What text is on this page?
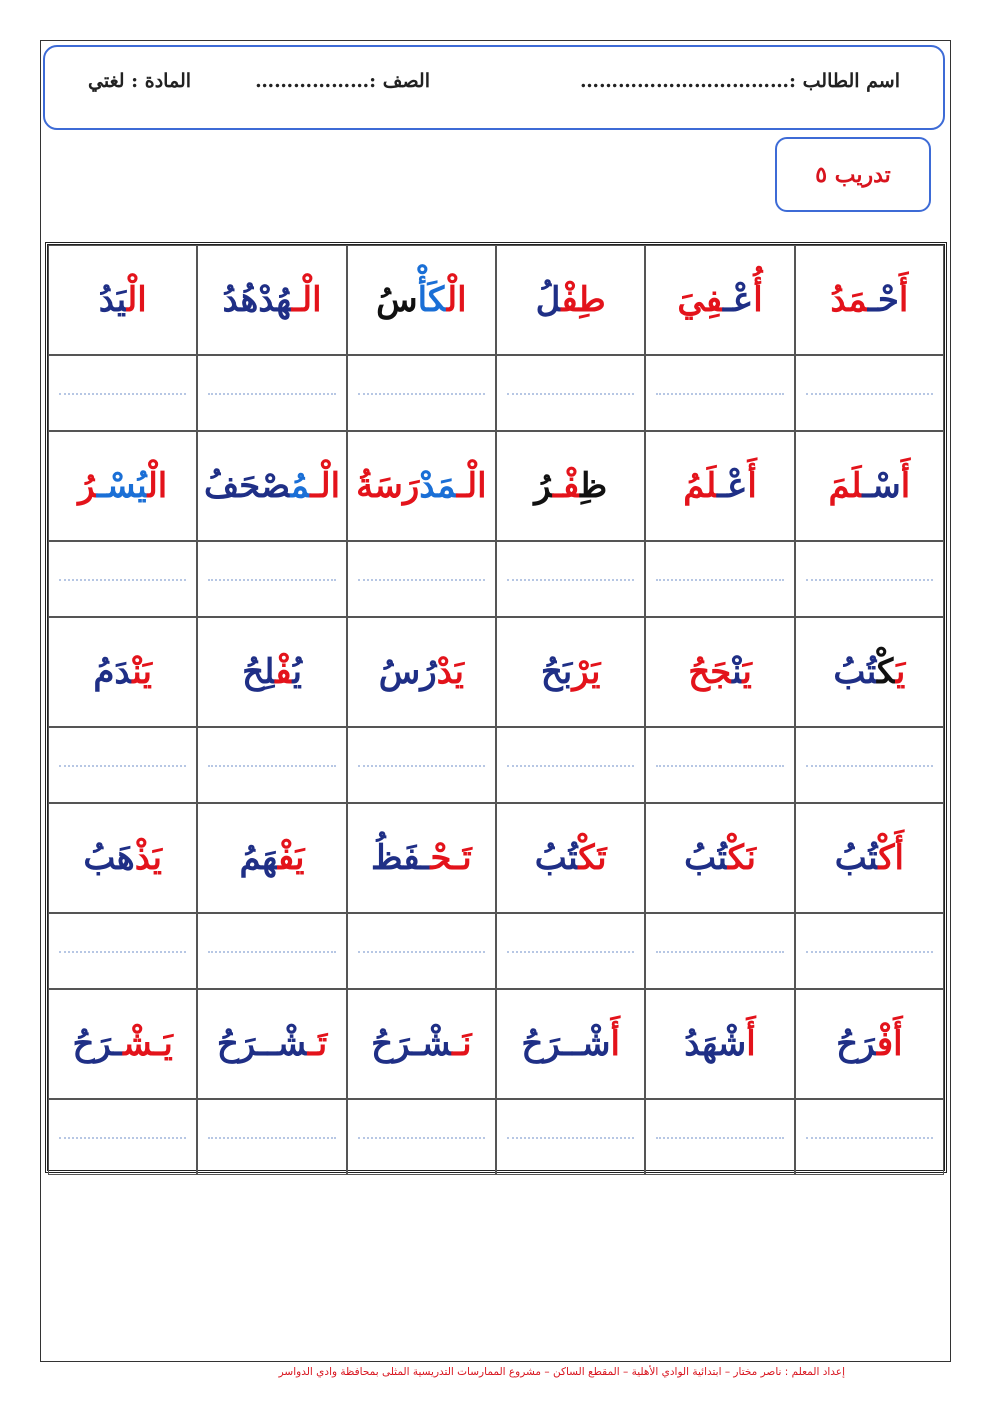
اسم الطالب :……………………………
الصف :………………
المادة : لغتي
تدريب ٥
أَحْـمَدُ
أُعْـفِيَ
طِفْلُ
الْكَأْسُ
الْـهُدْهُدُ
الْيَدُ
أَسْـلَمَ
أَعْـلَمُ
ظِفْـرُ
الْـمَدْرَسَةُ
الْـمُصْحَفُ
الْيُسْـرُ
يَكْتُبُ
يَنْجَحُ
يَرْبَحُ
يَدْرُسُ
يُفْلِحُ
يَنْدَمُ
أَكْتُبُ
نَكْتُبُ
تَكْتُبُ
تَـحْـفَظُ
يَفْهَمُ
يَذْهَبُ
أَفْرَحُ
أَشْهَدُ
أَشْــرَحُ
نَـشْـرَحُ
تَـشْــرَحُ
يَـشْـرَحُ
إعداد المعلم : ناصر مختار – ابتدائية الوادي الأهلية – المقطع الساكن – مشروع الممارسات التدريسية المثلى بمحافظة وادي الدواسر
